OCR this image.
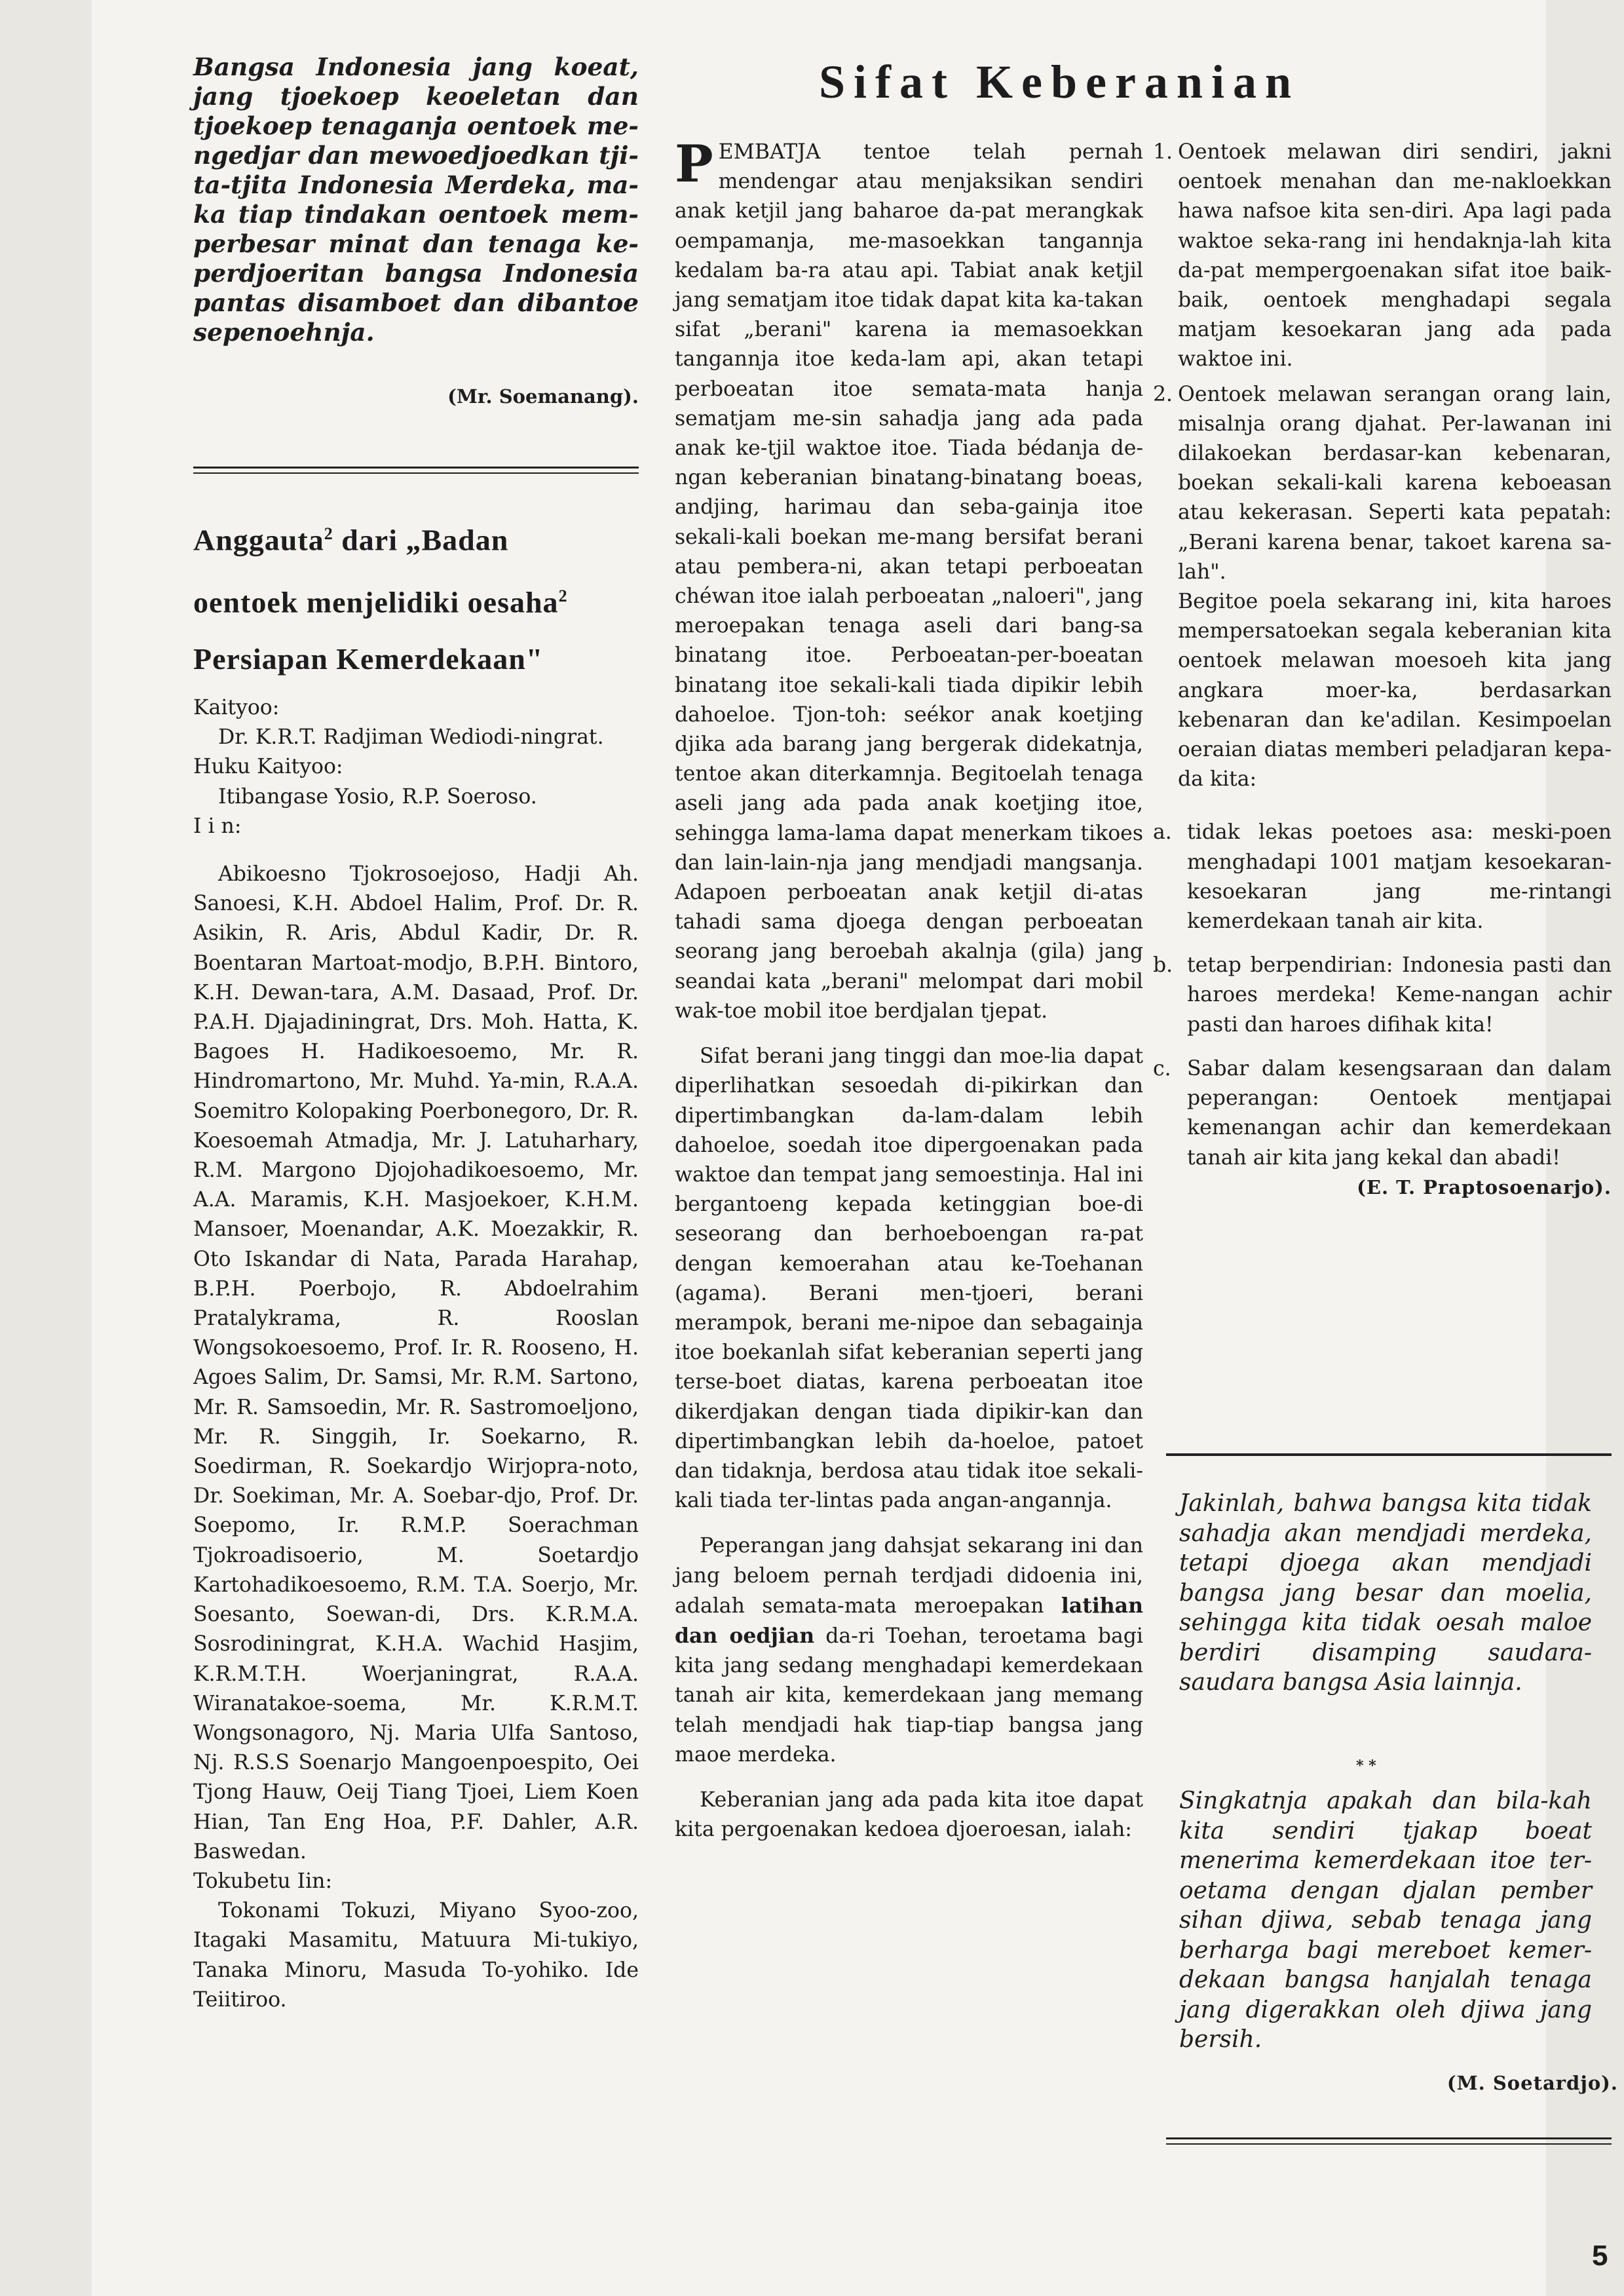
Bangsa Indonesia jang koeat, jang tjoekoep keoeletan dan tjoekoep tenaganja oentoek me-ngedjar dan mewoedjoedkan tji-ta-tjita Indonesia Merdeka, ma-ka tiap tindakan oentoek mem-perbesar minat dan tenaga ke-perdjoeritan bangsa Indonesia pantas disamboet dan dibantoe sepenoehnja.

(Mr. Soemanang).
Anggauta$^2$ dari „Badan
oentoek menjelidiki oesaha$^2$
Persiapan Kemerdekaan"

Kaityoo:

Dr. K.R.T. Radjiman Wediodi-ningrat.

Huku Kaityoo:

Itibangase Yosio, R.P. Soeroso.

I i n:

Abikoesno Tjokrosoejoso, Hadji Ah. Sanoesi, K.H. Abdoel Halim, Prof. Dr. R. Asikin, R. Aris, Abdul Kadir, Dr. R. Boentaran Martoat-modjo, B.P.H. Bintoro, K.H. Dewan-tara, A.M. Dasaad, Prof. Dr. P.A.H. Djajadiningrat, Drs. Moh. Hatta, K. Bagoes H. Hadikoesoemo, Mr. R. Hindromartono, Mr. Muhd. Ya-min, R.A.A. Soemitro Kolopaking Poerbonegoro, Dr. R. Koesoemah Atmadja, Mr. J. Latuharhary, R.M. Margono Djojohadikoesoemo, Mr. A.A. Maramis, K.H. Masjoekoer, K.H.M. Mansoer, Moenandar, A.K. Moezakkir, R. Oto Iskandar di Nata, Parada Harahap, B.P.H. Poerbojo, R. Abdoelrahim Pratalykrama, R. Rooslan Wongsokoesoemo, Prof. Ir. R. Rooseno, H. Agoes Salim, Dr. Samsi, Mr. R.M. Sartono, Mr. R. Samsoedin, Mr. R. Sastromoeljono, Mr. R. Singgih, Ir. Soekarno, R. Soedirman, R. Soekardjo Wirjopra-noto, Dr. Soekiman, Mr. A. Soebar-djo, Prof. Dr. Soepomo, Ir. R.M.P. Soerachman Tjokroadisoerio, M. Soetardjo Kartohadikoesoemo, R.M. T.A. Soerjo, Mr. Soesanto, Soewan-di, Drs. K.R.M.A. Sosrodiningrat, K.H.A. Wachid Hasjim, K.R.M.T.H. Woerjaningrat, R.A.A. Wiranatakoe-soema, Mr. K.R.M.T. Wongsonagoro, Nj. Maria Ulfa Santoso, Nj. R.S.S Soenarjo Mangoenpoespito, Oei Tjong Hauw, Oeij Tiang Tjoei, Liem Koen Hian, Tan Eng Hoa, P.F. Dahler, A.R. Baswedan.

Tokubetu Iin:

Tokonami Tokuzi, Miyano Syoo-zoo, Itagaki Masamitu, Matuura Mi-tukiyo, Tanaka Minoru, Masuda To-yohiko. Ide Teiitiroo.

Sifat Keberanian

PEMBATJA tentoe telah pernah mendengar atau menjaksikan sendiri anak ketjil jang baharoe da-pat merangkak oempamanja, me-masoekkan tangannja kedalam ba-ra atau api. Tabiat anak ketjil jang sematjam itoe tidak dapat kita ka-takan sifat „berani" karena ia memasoekkan tangannja itoe keda-lam api, akan tetapi perboeatan itoe semata-mata hanja sematjam me-sin sahadja jang ada pada anak ke-tjil waktoe itoe. Tiada bédanja de-ngan keberanian binatang-binatang boeas, andjing, harimau dan seba-gainja itoe sekali-kali boekan me-mang bersifat berani atau pembera-ni, akan tetapi perboeatan chéwan itoe ialah perboeatan „naloeri", jang meroepakan tenaga aseli dari bang-sa binatang itoe. Perboeatan-per-boeatan binatang itoe sekali-kali tiada dipikir lebih dahoeloe. Tjon-toh: seékor anak koetjing djika ada barang jang bergerak didekatnja, tentoe akan diterkamnja. Begitoelah tenaga aseli jang ada pada anak koetjing itoe, sehingga lama-lama dapat menerkam tikoes dan lain-lain-nja jang mendjadi mangsanja. Adapoen perboeatan anak ketjil di-atas tahadi sama djoega dengan perboeatan seorang jang beroebah akalnja (gila) jang seandai kata „berani" melompat dari mobil wak-toe mobil itoe berdjalan tjepat.

Sifat berani jang tinggi dan moe-lia dapat diperlihatkan sesoedah di-pikirkan dan dipertimbangkan da-lam-dalam lebih dahoeloe, soedah itoe dipergoenakan pada waktoe dan tempat jang semoestinja. Hal ini bergantoeng kepada ketinggian boe-di seseorang dan berhoeboengan ra-pat dengan kemoerahan atau ke-Toehanan (agama). Berani men-tjoeri, berani merampok, berani me-nipoe dan sebagainja itoe boekanlah sifat keberanian seperti jang terse-boet diatas, karena perboeatan itoe dikerdjakan dengan tiada dipikir-kan dan dipertimbangkan lebih da-hoeloe, patoet dan tidaknja, berdosa atau tidak itoe sekali-kali tiada ter-lintas pada angan-angannja.

Peperangan jang dahsjat sekarang ini dan jang beloem pernah terdjadi didoenia ini, adalah semata-mata meroepakan latihan dan oedjian da-ri Toehan, teroetama bagi kita jang sedang menghadapi kemerdekaan tanah air kita, kemerdekaan jang memang telah mendjadi hak tiap-tiap bangsa jang maoe merdeka.

Keberanian jang ada pada kita itoe dapat kita pergoenakan kedoea djoeroesan, ialah:

1. Oentoek melawan diri sendiri, jakni oentoek menahan dan me-nakloekkan hawa nafsoe kita sen-diri. Apa lagi pada waktoe seka-rang ini hendaknja-lah kita da-pat mempergoenakan sifat itoe baik-baik, oentoek menghadapi segala matjam kesoekaran jang ada pada waktoe ini.
2. Oentoek melawan serangan orang lain, misalnja orang djahat. Per-lawanan ini dilakoekan berdasar-kan kebenaran, boekan sekali-kali karena keboeasan atau kekerasan. Seperti kata pepatah: „Berani karena benar, takoet karena sa-lah".

Begitoe poela sekarang ini, kita haroes mempersatoekan segala keberanian kita oentoek melawan moesoeh kita jang angkara moer-ka, berdasarkan kebenaran dan ke'adilan. Kesimpoelan oeraian diatas memberi peladjaran kepa-da kita:

a. tidak lekas poetoes asa: meski-poen menghadapi 1001 matjam kesoekaran-kesoekaran jang me-rintangi kemerdekaan tanah air kita.
b. tetap berpendirian: Indonesia pasti dan haroes merdeka! Keme-nangan achir pasti dan haroes difihak kita!
c. Sabar dalam kesengsaraan dan dalam peperangan: Oentoek mentjapai kemenangan achir dan kemerdekaan tanah air kita jang kekal dan abadi!

(E. T. Praptosoenarjo).

Jakinlah, bahwa bangsa kita tidak sahadja akan mendjadi merdeka, tetapi djoega akan mendjadi bangsa jang besar dan moelia, sehingga kita tidak oesah maloe berdiri disamping saudara-saudara bangsa Asia lainnja.

* *

Singkatnja apakah dan bila-kah kita sendiri tjakap boeat menerima kemerdekaan itoe ter-oetama dengan djalan pember sihan djiwa, sebab tenaga jang berharga bagi mereboet kemer-dekaan bangsa hanjalah tenaga jang digerakkan oleh djiwa jang bersih.

(M. Soetardjo).
5
